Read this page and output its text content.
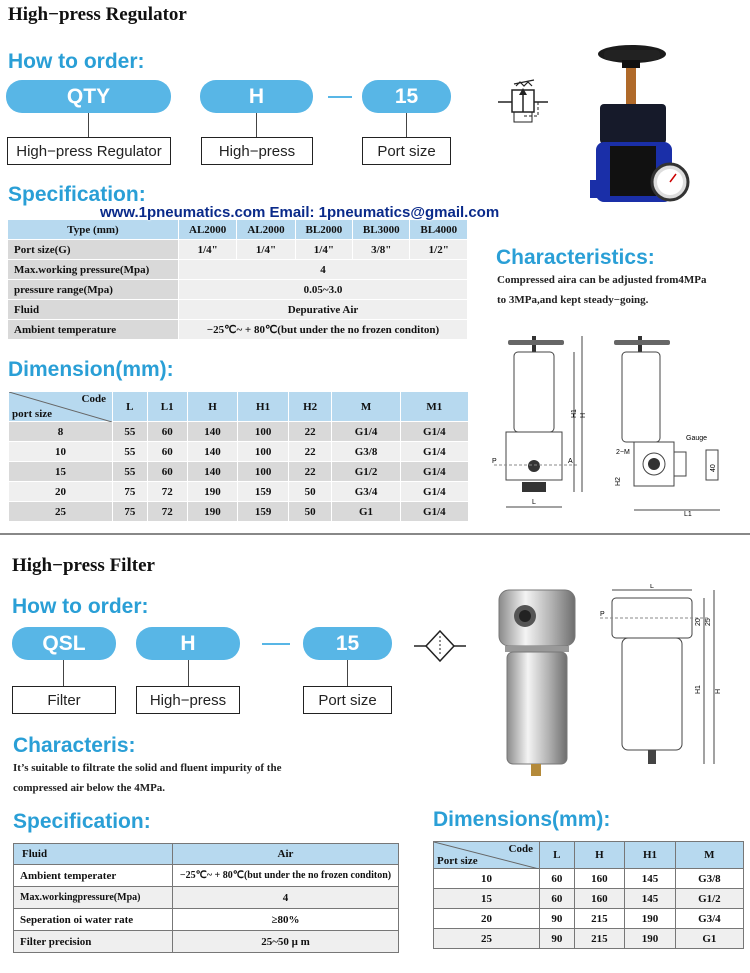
High−press Regulator
How to order:
QTY	H	15
High−press Regulator	High−press	Port size
Specification:
Type (mm)	AL2000	AL2000	BL2000	BL3000	BL4000
Port size(G)	1/4"	1/4"	1/4"	3/8"	1/2"
Max.working pressure(Mpa)	4				
pressure range(Mpa)	0.05~3.0				
Fluid	Depurative Air				
Ambient temperature	−25℃~ + 80℃(but under the no frozen conditon)				
www.1pneumatics.com Email: 1pneumatics@gmail.com
Characteristics:
Compressed aira can be adjusted from4MPa
to 3MPa,and kept steady−going.
Dimension(mm):
Code
port size	L	L1	H	H1	H2	M	M1
8	55	60	140	100	22	G1/4	G1/4
10	55	60	140	100	22	G3/8	G1/4
15	55	60	140	100	22	G1/2	G1/4
20	75	72	190	159	50	G3/4	G1/4
25	75	72	190	159	50	G1	G1/4
L
P	A
H1 H
Gauge
2−M
H2
L1
40
High−press Filter
How to order:
QSL	H	15
Filter	High−press	Port size
L
P
H1 H
20 25
Characteris:
It’s suitable to filtrate the solid and fluent impurity of the
compressed air below the 4MPa.
Specification:
Fluid	Air
Ambient temperater	−25℃~ + 80℃(but under the no frozen conditon)
Max.workingpressure(Mpa)	4
Seperation oi water rate	≥80%
Filter precision	25~50 μ m
Dimensions(mm):
Code
Port size	L	H	H1	M
10	60	160	145	G3/8
15	60	160	145	G1/2
20	90	215	190	G3/4
25	90	215	190	G1
